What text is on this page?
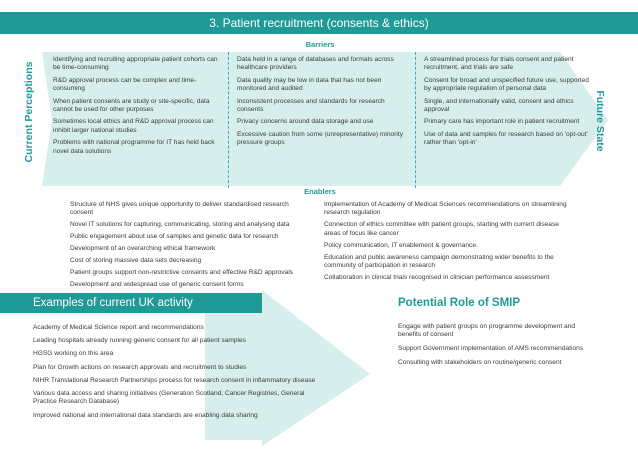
3. Patient recruitment (consents & ethics)
Current Perceptions	Future State
Barriers
Identifying and recruiting appropriate patient cohorts can be time-consuming
R&D approval process can be complex and time-consuming
When patient consents are study or site-specific, data cannot be used for other purposes
Sometimes local ethics and R&D approval process can inhibit larger national studies
Problems with national programme for IT has held back novel data solutions
Data held in a range of databases and formats across healthcare providers
Data quality may be low in data that has not been monitored and audited
Inconsistent processes and standards for research consents
Privacy concerns around data storage and use
Excessive caution from some (unrepresentative) minority pressure groups
A streamlined process for trials consent and patient recruitment, and trials are safe
Consent for broad and unspecified future use, supported by appropriate regulation of personal data
Single, and internationally valid, consent and ethics approval
Primary care has important role in patient recruitment
Use of data and samples for research based on 'opt-out' rather than 'opt-in'
Enablers
Structure of NHS gives unique opportunity to deliver standardised research consent
Novel IT solutions for capturing, communicating, storing and analysing data
Public engagement about use of samples and genetic data for research
Development of an overarching ethical framework
Cost of storing massive data sets decreasing
Patient groups support non-restrictive consents and effective R&D approvals
Development and widespread use of generic consent forms
Implementation of Academy of Medical Sciences recommendations on streamlining research regulation
Connection of ethics committee with patient groups, starting with current disease areas of focus like cancer
Policy communication, IT enablement & governance.
Education and public awareness campaign demonstrating wider benefits to the community of participation in research
Collaboration in clinical trials recognised in clinician performance assessment
Examples of current UK activity
Academy of Medical Science report and recommendations
Leading hospitals already running generic consent for all patient samples
HGSG working on this area
Plan for Growth actions on research approvals and recruitment to studies
NIHR Translational Research Partnerships process for research consent in inflammatory disease
Various data access and sharing initiatives (Generation Scotland, Cancer Registries, General Practice Research Database)
Improved national and international data standards are enabling data sharing
Potential Role of SMIP
Engage with patient groups on programme development and benefits of consent
Support Government implementation of AMS recommendations
Consulting with stakeholders on routine/generic consent
